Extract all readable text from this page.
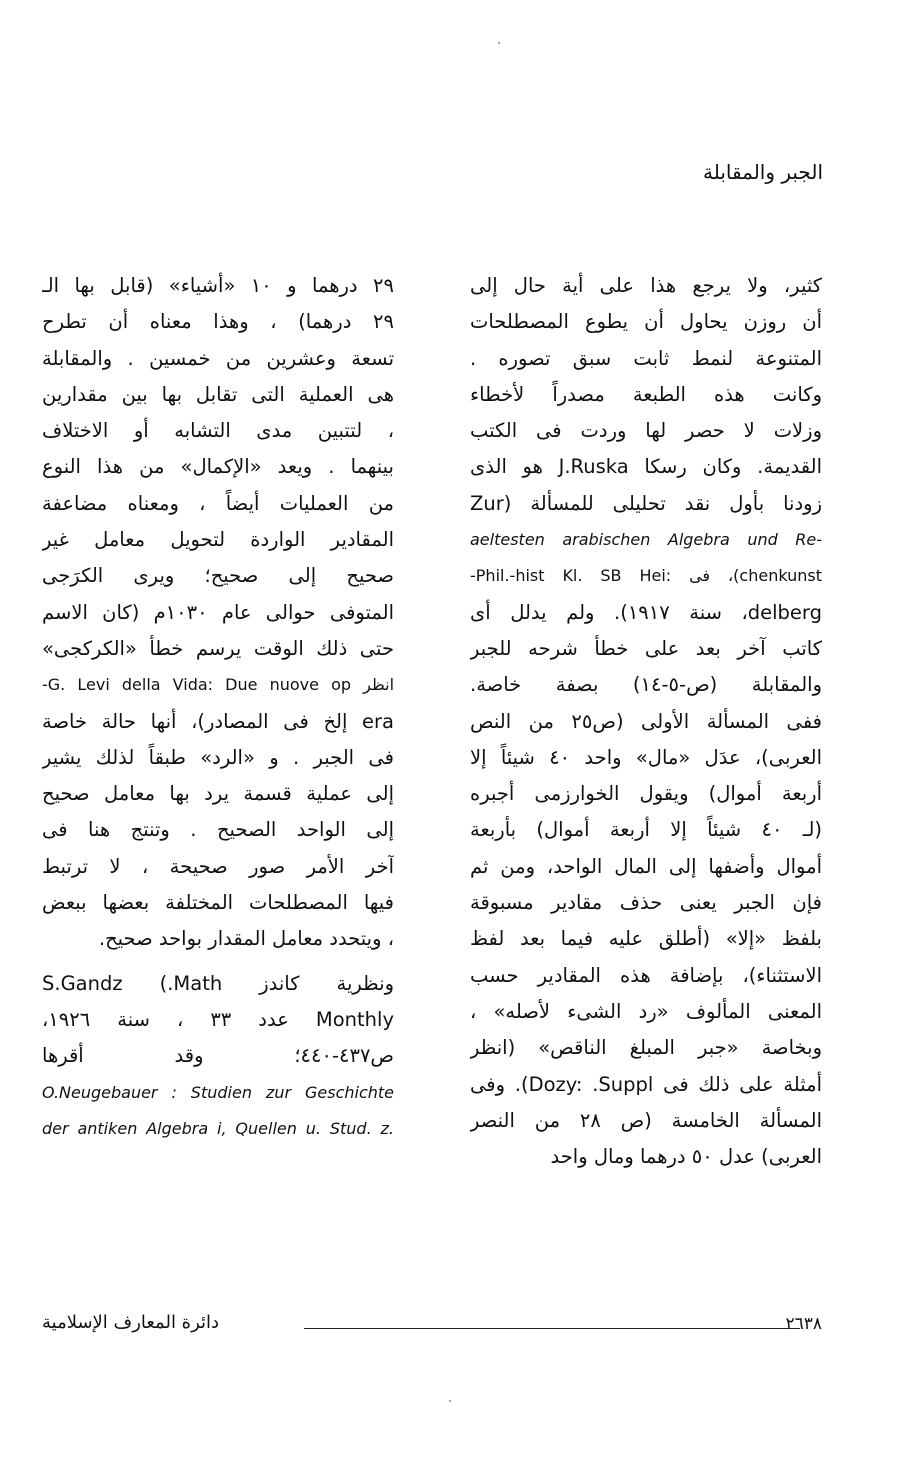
الجبر والمقابلة
كثير، ولا يرجع هذا على أية حال إلى
أن روزن يحاول أن يطوع المصطلحات
المتنوعة لنمط ثابت سبق تصوره .
وكانت هذه الطبعة مصدراً لأخطاء
وزلات لا حصر لها وردت فى الكتب
القديمة. وكان رسكا J.Ruska هو الذى
زودنا بأول نقد تحليلى للمسألة (Zur
aeltesten arabischen Algebra und Re-
chenkunst)، فى :Phil.-hist Kl. SB Hei-
delberg، سنة ١٩١٧). ولم يدلل أى
كاتب آخر بعد على خطأ شرحه للجبر
والمقابلة (ص-٥-١٤) بصفة خاصة.
ففى المسألة الأولى (ص٢٥ من النص
العربى)، عدَل «مال» واحد ٤٠ شيئاً إلا
أربعة أموال) ويقول الخوارزمى أجبره
(لـ ٤٠ شيئاً إلا أربعة أموال) بأربعة
أموال وأضفها إلى المال الواحد، ومن ثم
فإن الجبر يعنى حذف مقادير مسبوقة
بلفظ «إلا» (أطلق عليه فيما بعد لفظ
الاستثناء)، بإضافة هذه المقادير حسب
المعنى المألوف «رد الشىء لأصله» ،
وبخاصة «جبر المبلغ الناقص» (انظر
أمثلة على ذلك فى Dozy: .Suppl). وفى
المسألة الخامسة (ص ٢٨ من النصر
العربى) عدل ٥٠ درهما ومال واحد
٢٩ درهما و ١٠ «أشياء» (قابل بها الـ
٢٩ درهما) ، وهذا معناه أن تطرح
تسعة وعشرين من خمسين . والمقابلة
هى العملية التى تقابل بها بين مقدارين
، لتتبين مدى التشابه أو الاختلاف
بينهما . ويعد «الإكمال» من هذا النوع
من العمليات أيضاً ، ومعناه مضاعفة
المقادير الواردة لتحويل معامل غير
صحيح إلى صحيح؛ ويرى الكرَجى
المتوفى حوالى عام ١٠٣٠م (كان الاسم
حتى ذلك الوقت يرسم خطأ «الكركجى»
انظر G. Levi della Vida: Due nuove op-
era إلخ فى المصادر)، أنها حالة خاصة
فى الجبر . و «الرد» طبقاً لذلك يشير
إلى عملية قسمة يرد بها معامل صحيح
إلى الواحد الصحيح . وتنتج هنا فى
آخر الأمر صور صحيحة ، لا ترتبط
فيها المصطلحات المختلفة بعضها ببعض
، ويتحدد معامل المقدار بواحد صحيح.
ونظرية كاندز S.Gandz (.Math
Monthly عدد ٣٣ ، سنة ١٩٢٦،
ص٤٣٧-٤٤٠؛ وقد أقرها
O.Neugebauer : Studien zur Geschichte
der antiken Algebra i, Quellen u. Stud. z.
دائرة المعارف الإسلامية	٢٦٣٨
